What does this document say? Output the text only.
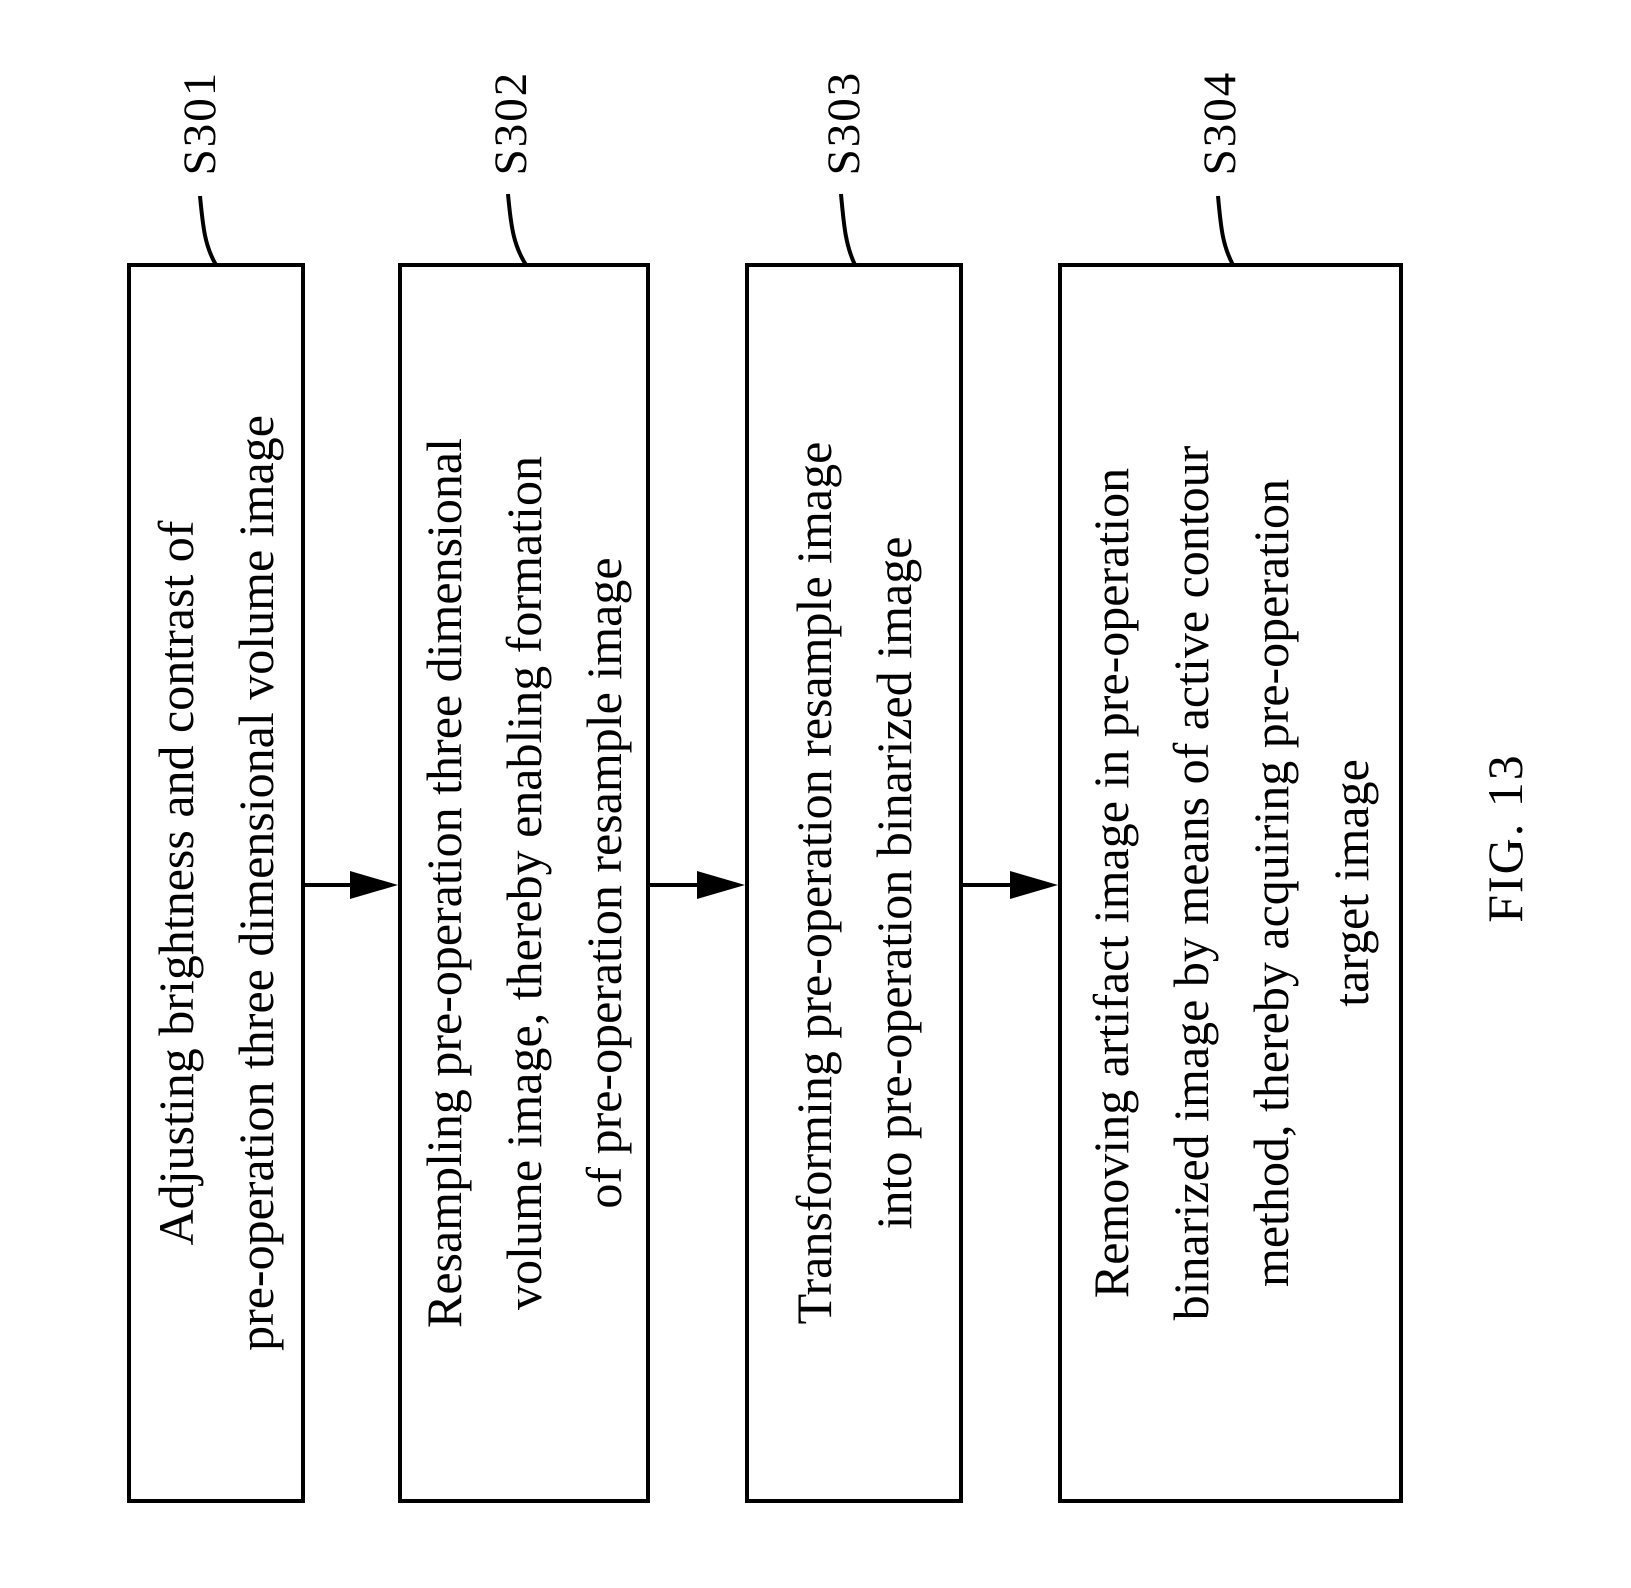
S301	S302	S303	S304
Adjusting brightness and contrast of
pre-operation three dimensional volume image
Resampling pre-operation three dimensional
volume image, thereby enabling formation
of pre-operation resample image
Transforming pre-operation resample image
into pre-operation binarized image
Removing artifact image in pre-operation
binarized image by means of active contour
method, thereby acquiring pre-operation
target image FIG. 13
